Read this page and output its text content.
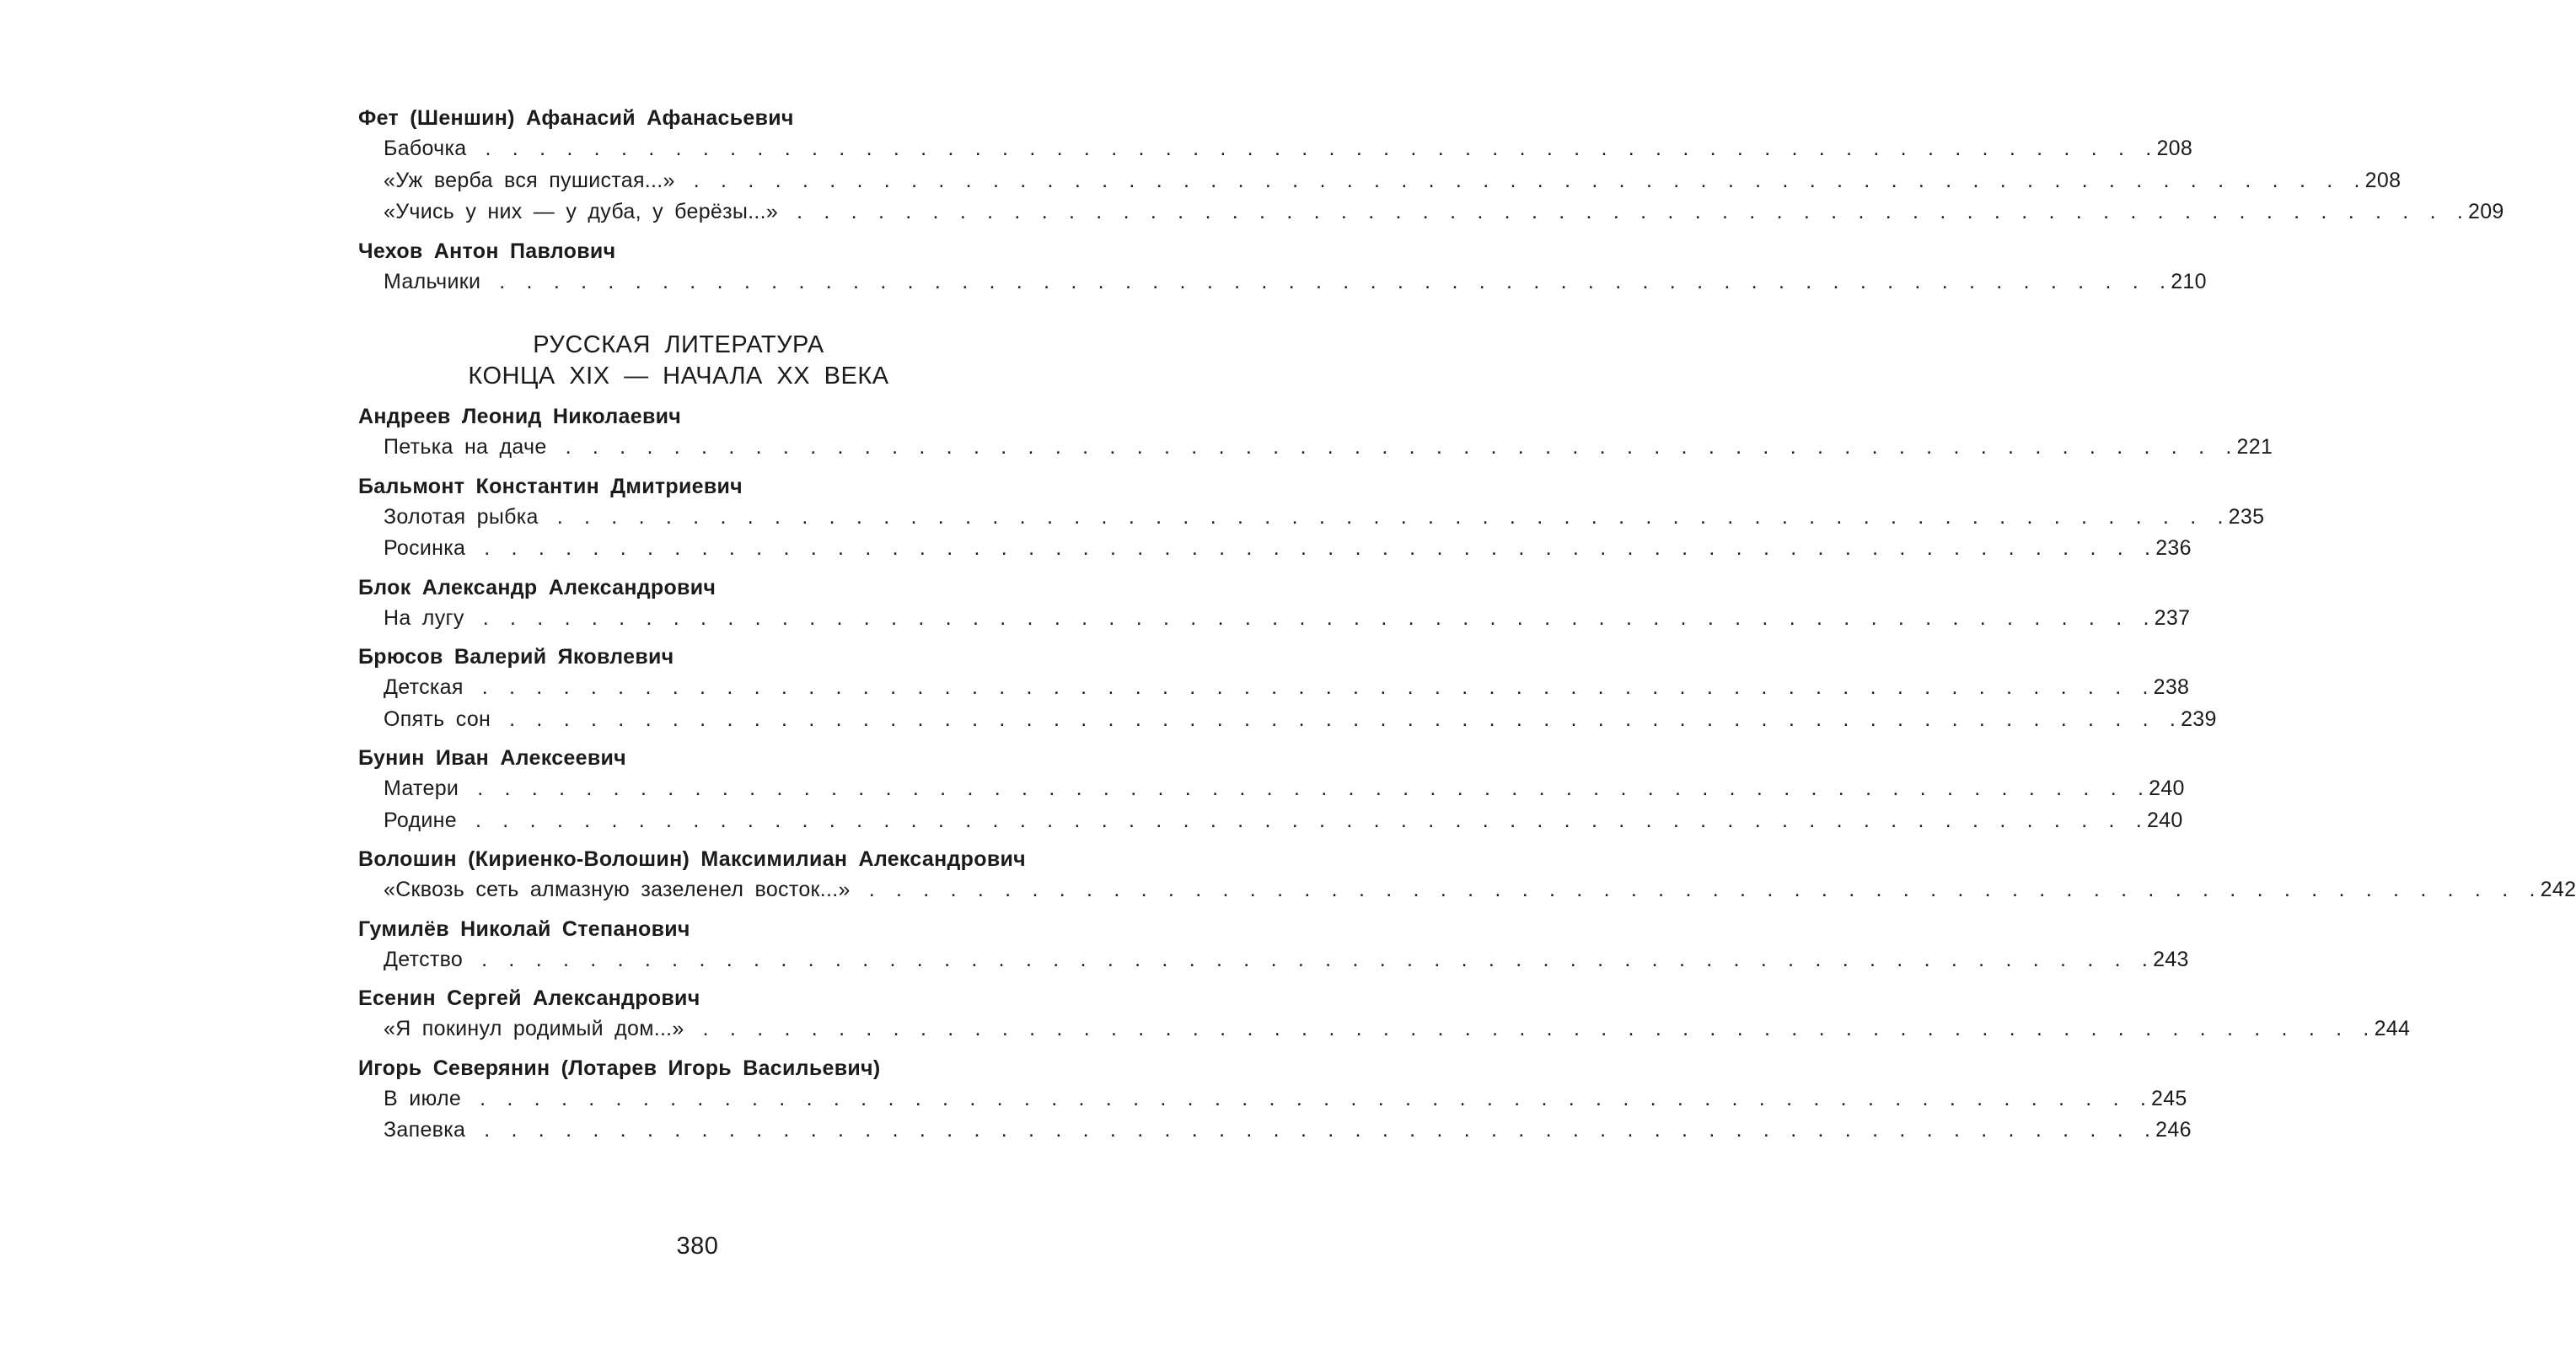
Фет (Шеншин) Афанасий Афанасьевич
Бабочка . . . . . . . . . . . . . . . . . . . . . . . . . . . . . . . . . . . . . . . . . . . . . . . . . . . . . . . . . . . . . . 208
«Уж верба вся пушистая...» . . . . . . . . . . . . . . . . . . . . . . . . . . . . . . . . . . . . . . . . . . . . . . . . . . . . . . . . . . . . . . 208
«Учись у них — у дуба, у берёзы...» . . . . . . . . . . . . . . . . . . . . . . . . . . . . . . . . . . . . . . . . . . . . . . . . . . . . . . . . . . . . . . 209
Чехов Антон Павлович
Мальчики . . . . . . . . . . . . . . . . . . . . . . . . . . . . . . . . . . . . . . . . . . . . . . . . . . . . . . . . . . . . . . 210
РУССКАЯ ЛИТЕРАТУРА
КОНЦА XIX — НАЧАЛА XX ВЕКА
Андреев Леонид Николаевич
Петька на даче . . . . . . . . . . . . . . . . . . . . . . . . . . . . . . . . . . . . . . . . . . . . . . . . . . . . . . . . . . . . . . 221
Бальмонт Константин Дмитриевич
Золотая рыбка . . . . . . . . . . . . . . . . . . . . . . . . . . . . . . . . . . . . . . . . . . . . . . . . . . . . . . . . . . . . . . 235
Росинка . . . . . . . . . . . . . . . . . . . . . . . . . . . . . . . . . . . . . . . . . . . . . . . . . . . . . . . . . . . . . . 236
Блок Александр Александрович
На лугу . . . . . . . . . . . . . . . . . . . . . . . . . . . . . . . . . . . . . . . . . . . . . . . . . . . . . . . . . . . . . . 237
Брюсов Валерий Яковлевич
Детская . . . . . . . . . . . . . . . . . . . . . . . . . . . . . . . . . . . . . . . . . . . . . . . . . . . . . . . . . . . . . . 238
Опять сон . . . . . . . . . . . . . . . . . . . . . . . . . . . . . . . . . . . . . . . . . . . . . . . . . . . . . . . . . . . . . . 239
Бунин Иван Алексеевич
Матери . . . . . . . . . . . . . . . . . . . . . . . . . . . . . . . . . . . . . . . . . . . . . . . . . . . . . . . . . . . . . . 240
Родине . . . . . . . . . . . . . . . . . . . . . . . . . . . . . . . . . . . . . . . . . . . . . . . . . . . . . . . . . . . . . . 240
Волошин (Кириенко-Волошин) Максимилиан Александрович
«Сквозь сеть алмазную зазеленел восток...» . . . . . . . . . . . . . . . . . . . . . . . . . . . . . . . . . . . . . . . . . . . . . . . . . . . . . . . . . . . . . . 242
Гумилёв Николай Степанович
Детство . . . . . . . . . . . . . . . . . . . . . . . . . . . . . . . . . . . . . . . . . . . . . . . . . . . . . . . . . . . . . . 243
Есенин Сергей Александрович
«Я покинул родимый дом...» . . . . . . . . . . . . . . . . . . . . . . . . . . . . . . . . . . . . . . . . . . . . . . . . . . . . . . . . . . . . . . 244
Игорь Северянин (Лотарев Игорь Васильевич)
В июле . . . . . . . . . . . . . . . . . . . . . . . . . . . . . . . . . . . . . . . . . . . . . . . . . . . . . . . . . . . . . . 245
Запевка . . . . . . . . . . . . . . . . . . . . . . . . . . . . . . . . . . . . . . . . . . . . . . . . . . . . . . . . . . . . . . 246
380
